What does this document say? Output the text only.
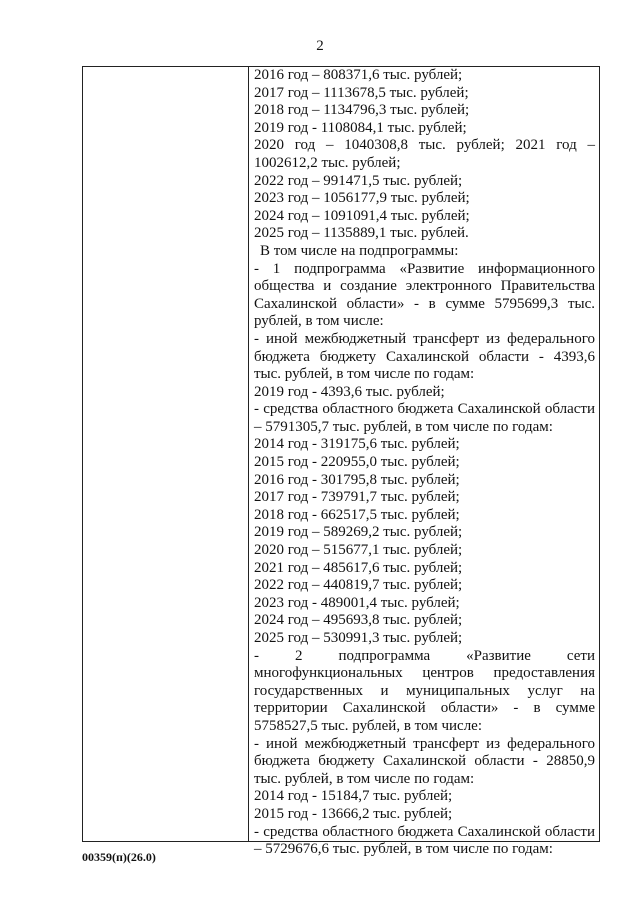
2
2016 год – 808371,6 тыс. рублей;
2017 год – 1113678,5 тыс. рублей;
2018 год – 1134796,3 тыс. рублей;
2019 год - 1108084,1 тыс. рублей;
2020 год – 1040308,8 тыс. рублей; 2021 год – 1002612,2 тыс. рублей;
2022 год – 991471,5 тыс. рублей;
2023 год – 1056177,9 тыс. рублей;
2024 год – 1091091,4 тыс. рублей;
2025 год – 1135889,1 тыс. рублей.
В том числе на подпрограммы:
- 1 подпрограмма «Развитие информационного общества и создание электронного Правительства Сахалинской области» - в сумме 5795699,3 тыс. рублей, в том числе:
- иной межбюджетный трансферт из федерального бюджета бюджету Сахалинской области - 4393,6 тыс. рублей, в том числе по годам:
2019 год - 4393,6 тыс. рублей;
- средства областного бюджета Сахалинской области – 5791305,7 тыс. рублей, в том числе по годам:
2014 год - 319175,6 тыс. рублей;
2015 год - 220955,0 тыс. рублей;
2016 год - 301795,8 тыс. рублей;
2017 год - 739791,7 тыс. рублей;
2018 год - 662517,5 тыс. рублей;
2019 год – 589269,2 тыс. рублей;
2020 год – 515677,1 тыс. рублей;
2021 год – 485617,6 тыс. рублей;
2022 год – 440819,7 тыс. рублей;
2023 год - 489001,4 тыс. рублей;
2024 год – 495693,8 тыс. рублей;
2025 год – 530991,3 тыс. рублей;
- 2 подпрограмма «Развитие сети многофункциональных центров предоставления государственных и муниципальных услуг на территории Сахалинской области» - в сумме 5758527,5 тыс. рублей, в том числе:
- иной межбюджетный трансферт из федерального бюджета бюджету Сахалинской области - 28850,9 тыс. рублей, в том числе по годам:
2014 год - 15184,7 тыс. рублей;
2015 год - 13666,2 тыс. рублей;
- средства областного бюджета Сахалинской области – 5729676,6 тыс. рублей, в том числе по годам:
00359(п)(26.0)
